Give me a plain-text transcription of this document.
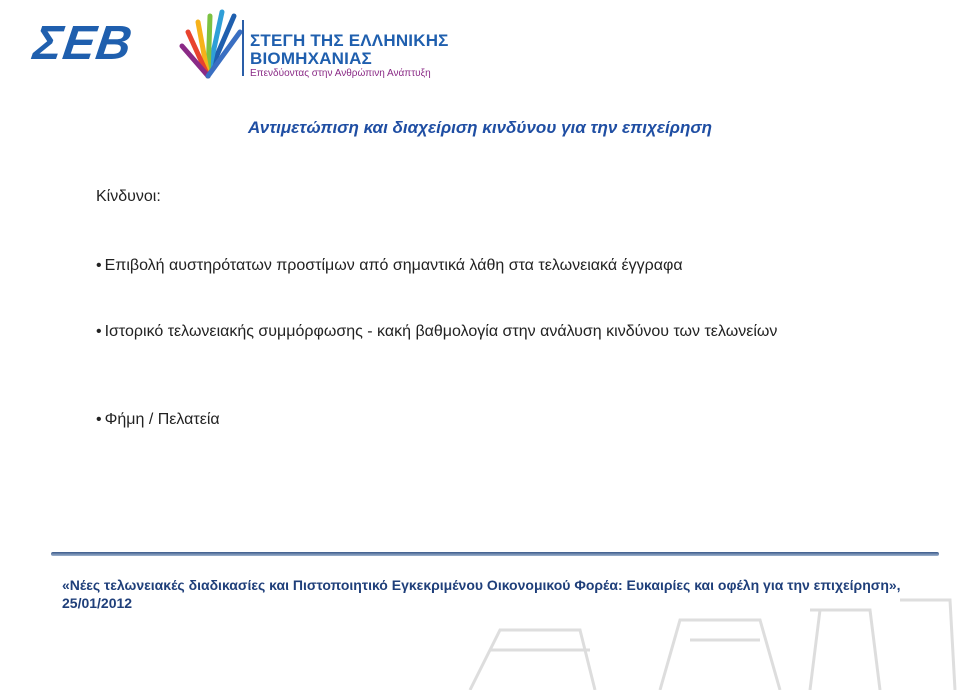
ΣΕΒ	ΣΤΕΓΗ ΤΗΣ ΕΛΛΗΝΙΚΗΣ
ΒΙΟΜΗΧΑΝΙΑΣ
Επενδύοντας στην Ανθρώπινη Ανάπτυξη
Αντιμετώπιση και διαχείριση κινδύνου για την επιχείρηση
Κίνδυνοι:
• Επιβολή αυστηρότατων προστίμων από σημαντικά λάθη στα τελωνειακά έγγραφα
• Ιστορικό τελωνειακής συμμόρφωσης - κακή βαθμολογία στην ανάλυση κινδύνου των τελωνείων
• Φήμη / Πελατεία
«Νέες τελωνειακές διαδικασίες και Πιστοποιητικό Εγκεκριμένου Οικονομικού Φορέα: Ευκαιρίες και οφέλη για την επιχείρηση», 25/01/2012
